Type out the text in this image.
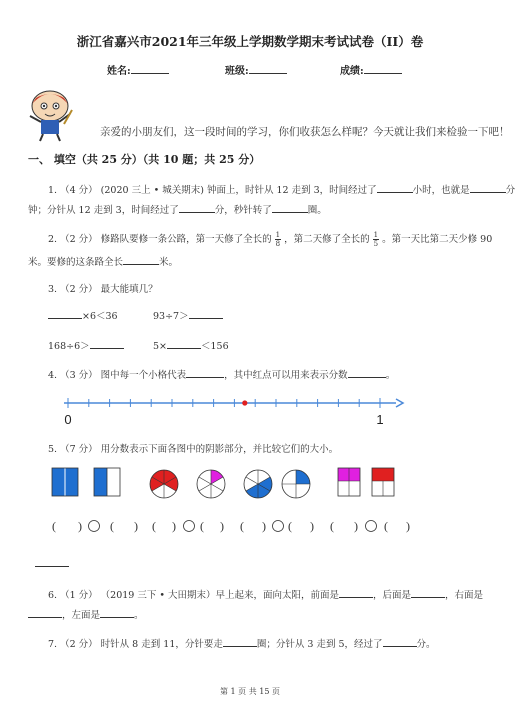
浙江省嘉兴市2021年三年级上学期数学期末考试试卷（II）卷
姓名:	班级:	成绩:
亲爱的小朋友们，这一段时间的学习，你们收获怎么样呢？今天就让我们来检验一下吧！
一、 填空（共 25 分）（共 10 题；共 25 分）
1. （4 分） (2020 三上 • 城关期末) 钟面上，时针从 12 走到 3，时间经过了	小时，也就是	分
钟；分针从 12 走到 3，时间经过了	分，秒针转了	圈。
2. （2 分） 修路队要修一条公路，第一天修了全长的 $\frac{1}{8}$ ，第二天修了全长的 $\frac{1}{5}$ 。第一天比第二天少修 90
米。要修的这条路全长	米。
3. （2 分） 最大能填几？
×6＜36	93÷7＞
168÷6＞	5×	＜156
4. （3 分） 图中每一个小格代表	，其中红点可以用来表示分数	。
0	1
5. （7 分） 用分数表示下面各图中的阴影部分，并比较它们的大小。
( ) ( ) ( ) ( ) ( ) ( ) ( ) ( )
6. （1 分） （2019 三下 • 大田期末）早上起来，面向太阳，前面是	，后面是	，右面是
，左面是	。
7. （2 分） 时针从 8 走到 11，分针要走	圈；分针从 3 走到 5，经过了	分。
第 1 页 共 15 页
